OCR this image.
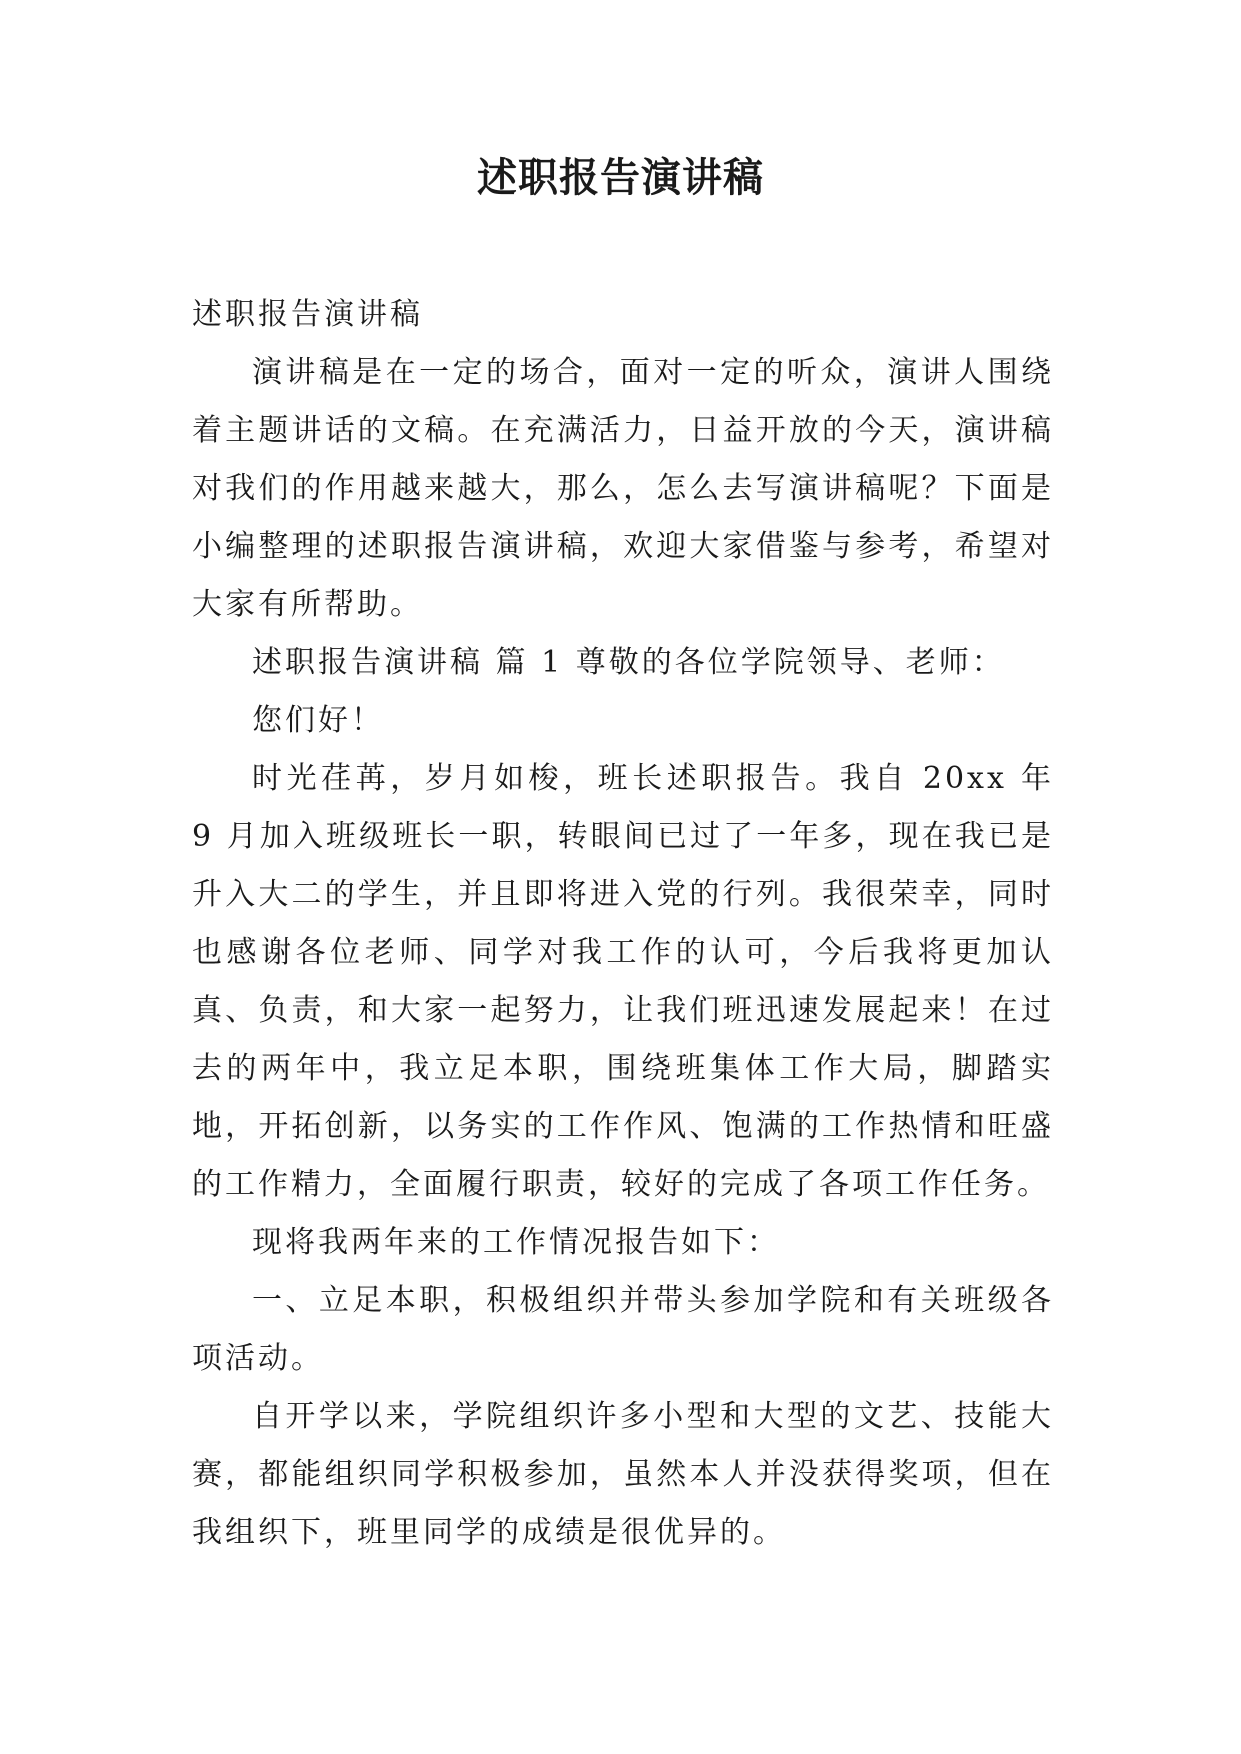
述职报告演讲稿

述职报告演讲稿

演讲稿是在一定的场合，面对一定的听众，演讲人围绕着主题讲话的文稿。在充满活力，日益开放的今天，演讲稿对我们的作用越来越大，那么，怎么去写演讲稿呢？下面是小编整理的述职报告演讲稿，欢迎大家借鉴与参考，希望对大家有所帮助。

述职报告演讲稿 篇 1 尊敬的各位学院领导、老师：

您们好！

时光荏苒，岁月如梭，班长述职报告。我自 20xx 年 9 月加入班级班长一职，转眼间已过了一年多，现在我已是升入大二的学生，并且即将进入党的行列。我很荣幸，同时也感谢各位老师、同学对我工作的认可，今后我将更加认真、负责，和大家一起努力，让我们班迅速发展起来！在过去的两年中，我立足本职，围绕班集体工作大局，脚踏实地，开拓创新，以务实的工作作风、饱满的工作热情和旺盛的工作精力，全面履行职责，较好的完成了各项工作任务。

现将我两年来的工作情况报告如下：

一、立足本职，积极组织并带头参加学院和有关班级各项活动。

自开学以来，学院组织许多小型和大型的文艺、技能大赛，都能组织同学积极参加，虽然本人并没获得奖项，但在我组织下，班里同学的成绩是很优异的。
